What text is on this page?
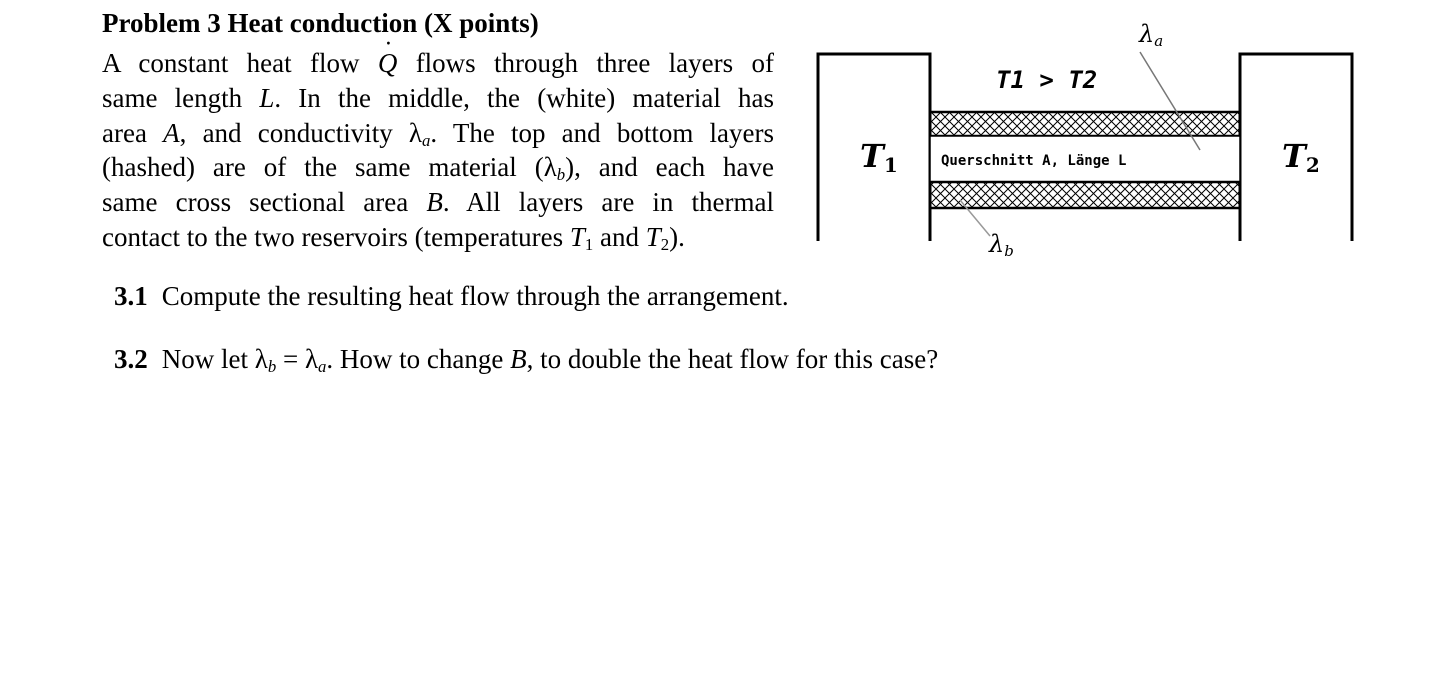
Problem 3 Heat conduction (X points)
A constant heat flow Q ˙ flows through three layers of
same length L. In the middle, the (white) material has
area A, and conductivity $\lambda_a$. The top and bottom layers
(hashed) are of the same material $(\lambda_b)$, and each have
same cross sectional area B. All layers are in thermal
contact to the two reservoirs (temperatures $T_1$ and $T_2$).
λa
λb
T1 > T2
T1	T2
Querschnitt A, Länge L
3.1 Compute the resulting heat flow through the arrangement.
3.2 Now let $\lambda_b = \lambda_a$. How to change B, to double the heat flow for this case?
